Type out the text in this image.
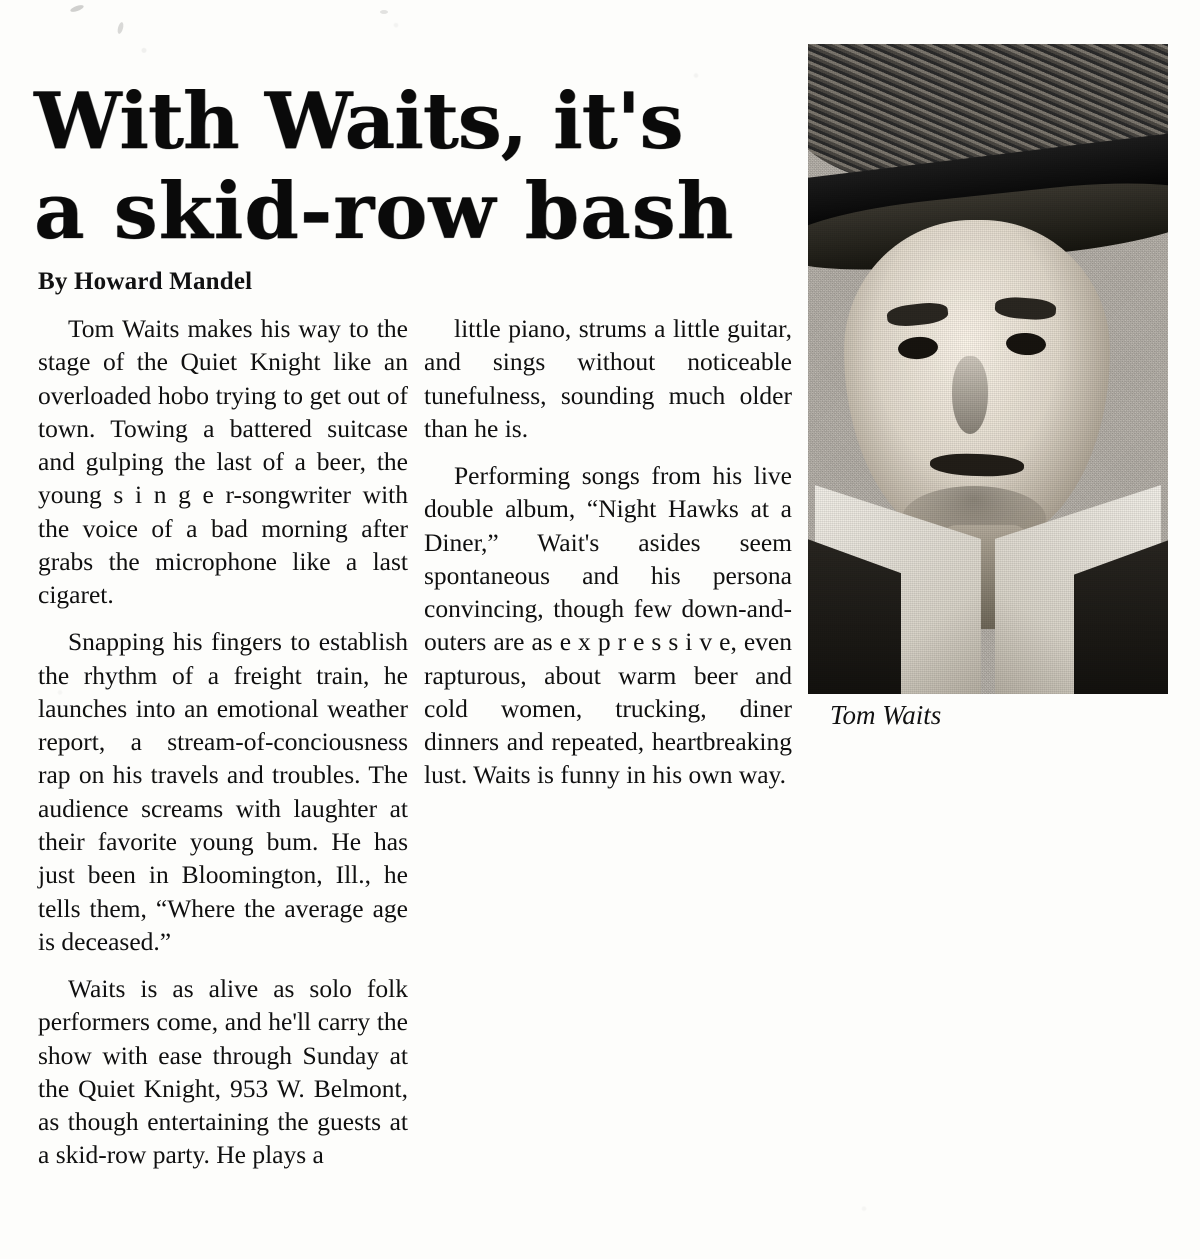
With Waits, it's
a skid-row bash
By Howard Mandel

Tom Waits makes his way to the stage of the Quiet Knight like an overloaded hobo trying to get out of town. Towing a battered suitcase and gulping the last of a beer, the young s i n g e r-songwriter with the voice of a bad morning after grabs the microphone like a last cigaret.

Snapping his fingers to establish the rhythm of a freight train, he launches into an emotional weather report, a stream-of-conciousness rap on his travels and troubles. The audience screams with laughter at their favorite young bum. He has just been in Bloomington, Ill., he tells them, “Where the average age is deceased.”

Waits is as alive as solo folk performers come, and he'll carry the show with ease through Sunday at the Quiet Knight, 953 W. Belmont, as though entertaining the guests at a skid-row party. He plays a

little piano, strums a little guitar, and sings without noticeable tunefulness, sounding much older than he is.

Performing songs from his live double album, “Night Hawks at a Diner,” Wait's asides seem spontaneous and his persona convincing, though few down-and-outers are as e x p r e s s i v e, even rapturous, about warm beer and cold women, trucking, diner dinners and repeated, heartbreaking lust. Waits is funny in his own way.

Tom Waits
